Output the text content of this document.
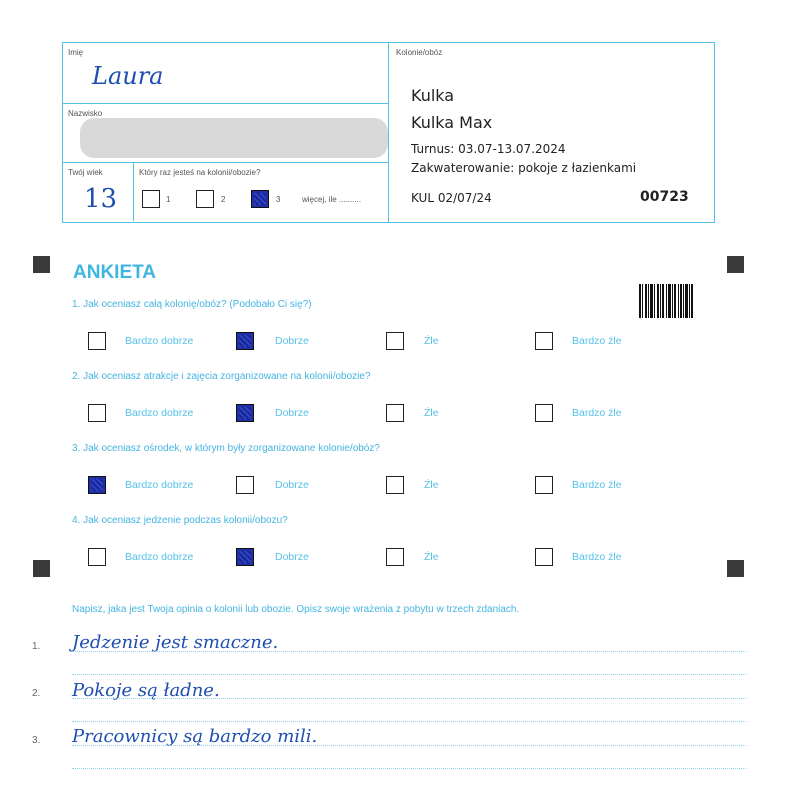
Imię
Laura
Nazwisko
Twój wiek
13
Który raz jesteś na kolonii/obozie?
1	2	3	więcej, ile ..........
Kolonie/obóz
Kulka
Kulka Max
Turnus: 03.07-13.07.2024
Zakwaterowanie: pokoje z łazienkami
KUL 02/07/24	00723
ANKIETA
1. Jak oceniasz całą kolonię/obóz? (Podobało Ci się?)
Bardzo dobrze	Dobrze	Źle	Bardzo źle
2. Jak oceniasz atrakcje i zajęcia zorganizowane na kolonii/obozie?
Bardzo dobrze	Dobrze	Źle	Bardzo źle
3. Jak oceniasz ośrodek, w którym były zorganizowane kolonie/obóz?
Bardzo dobrze	Dobrze	Źle	Bardzo źle
4. Jak oceniasz jedzenie podczas kolonii/obozu?
Bardzo dobrze	Dobrze	Źle	Bardzo źle
Napisz, jaka jest Twoja opinia o kolonii lub obozie. Opisz swoje wrażenia z pobytu w trzech zdaniach.
1. Jedzenie jest smaczne.
2. Pokoje są ładne.
3. Pracownicy są bardzo mili.
